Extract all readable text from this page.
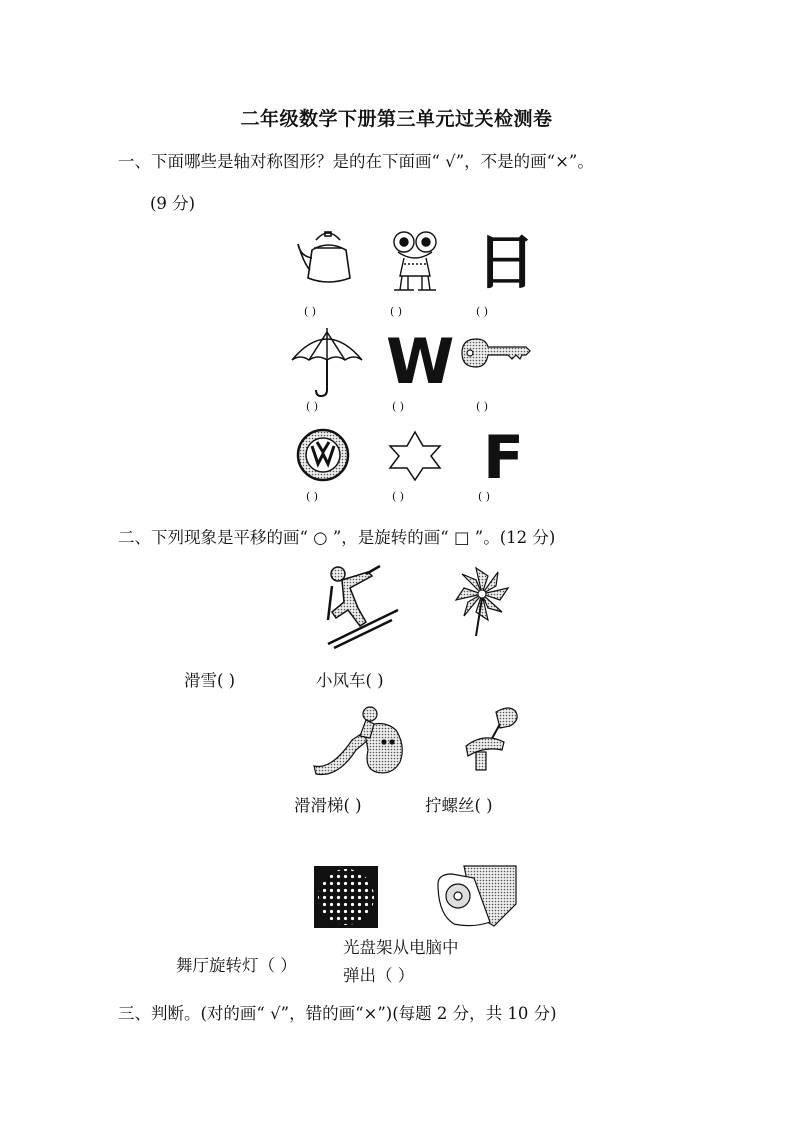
二年级数学下册第三单元过关检测卷
一、下面哪些是轴对称图形？是的在下面画“ √”，不是的画“×”。
(9 分)
日
( )	( )	( )
W
( )	( )	( )
F
( )	( )	( )
二、下列现象是平移的画“ ○ ”，是旋转的画“ □ ”。(12 分)
滑雪( )	小风车( )
滑滑梯( )	拧螺丝( )
舞厅旋转灯（ ）
光盘架从电脑中
弹出（ ）
三、判断。(对的画“ √”，错的画“×”)(每题 2 分，共 10 分)
